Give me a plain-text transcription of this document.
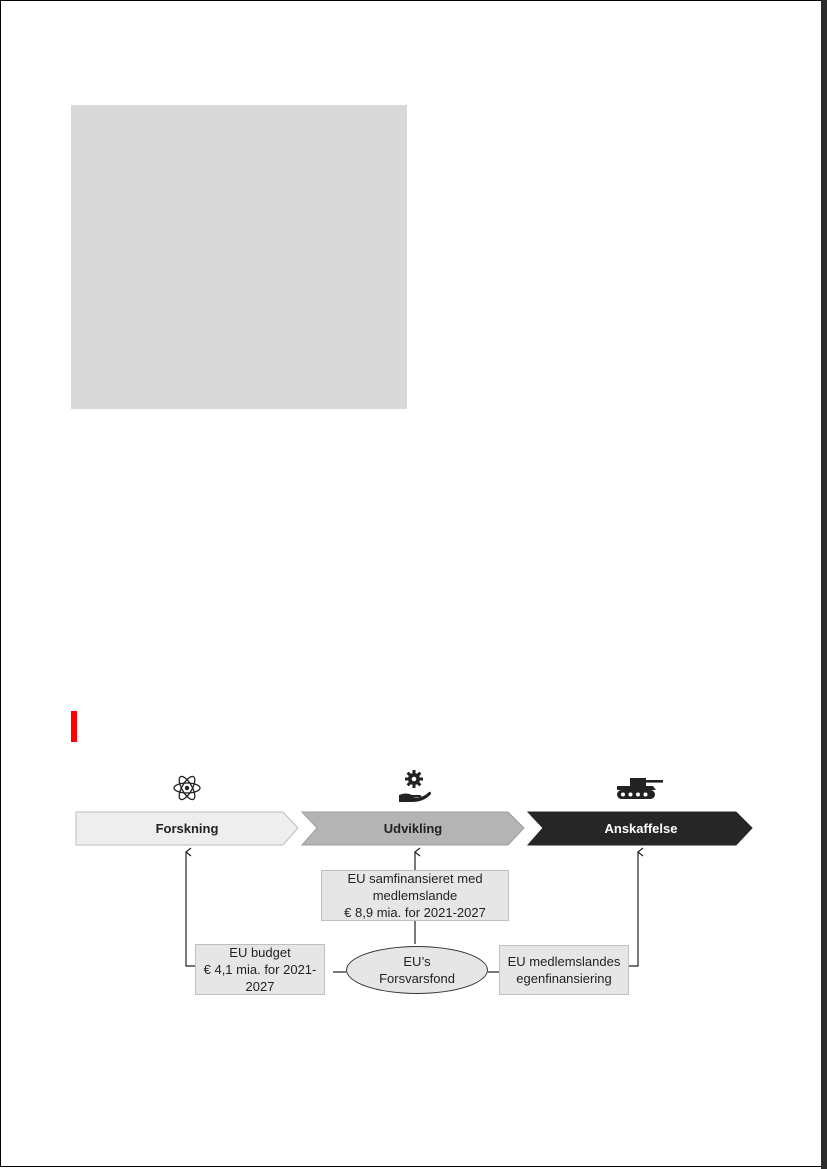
Forskning	Udvikling	Anskaffelse
EU samfinansieret med
medlemslande
€ 8,9 mia. for 2021-2027
EU budget
€ 4,1 mia. for 2021-
2027
EU’s
Forsvarsfond
EU medlemslandes
egenfinansiering
